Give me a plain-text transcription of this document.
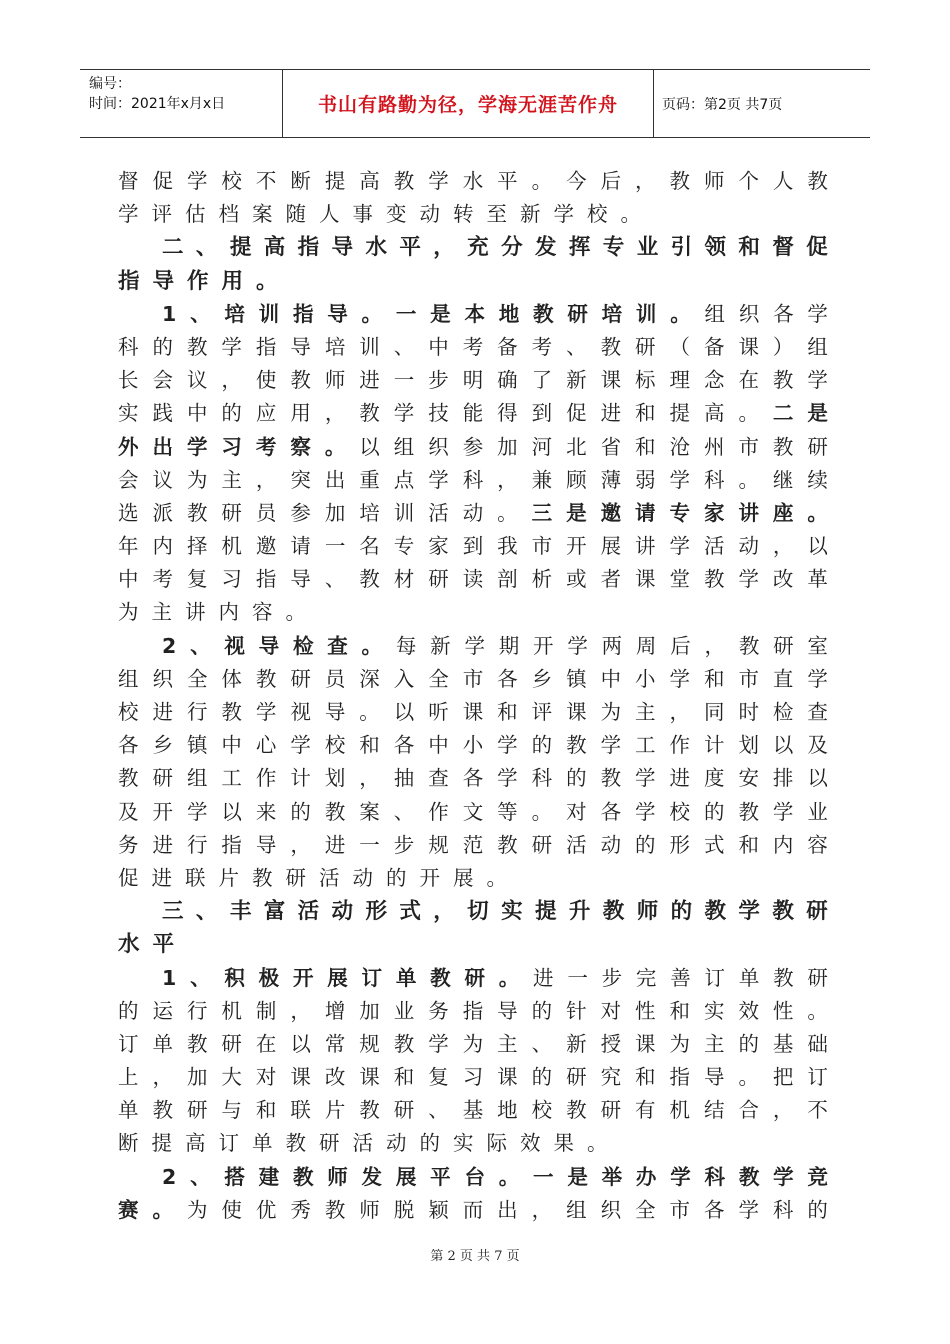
编号：
时间：2021年x月x日	书山有路勤为径，学海无涯苦作舟	页码：第2页 共7页
督 促 学 校 不 断 提 高 教 学 水 平 。 今 后 ， 教 师 个 人 教
学评估档案随人事变动转至新学校。
二 、 提 高 指 导 水 平 ， 充 分 发 挥 专 业 引 领 和 督 促
指导作用。
1 、 培 训 指 导 。 一 是 本 地 教 研 培 训 。 组 织 各 学
科 的 教 学 指 导 培 训 、 中 考 备 考 、 教 研 （ 备 课 ） 组
长 会 议 ， 使 教 师 进 一 步 明 确 了 新 课 标 理 念 在 教 学
实 践 中 的 应 用 ， 教 学 技 能 得 到 促 进 和 提 高 。 二 是
外 出 学 习 考 察 。 以 组 织 参 加 河 北 省 和 沧 州 市 教 研
会 议 为 主 ， 突 出 重 点 学 科 ， 兼 顾 薄 弱 学 科 。 继 续
选 派 教 研 员 参 加 培 训 活 动 。 三 是 邀 请 专 家 讲 座 。
年 内 择 机 邀 请 一 名 专 家 到 我 市 开 展 讲 学 活 动 ， 以
中 考 复 习 指 导 、 教 材 研 读 剖 析 或 者 课 堂 教 学 改 革
为主讲内容。
2 、 视 导 检 查 。 每 新 学 期 开 学 两 周 后 ， 教 研 室
组 织 全 体 教 研 员 深 入 全 市 各 乡 镇 中 小 学 和 市 直 学
校 进 行 教 学 视 导 。 以 听 课 和 评 课 为 主 ， 同 时 检 查
各 乡 镇 中 心 学 校 和 各 中 小 学 的 教 学 工 作 计 划 以 及
教 研 组 工 作 计 划 ， 抽 查 各 学 科 的 教 学 进 度 安 排 以
及 开 学 以 来 的 教 案 、 作 文 等 。 对 各 学 校 的 教 学 业
务 进 行 指 导 ， 进 一 步 规 范 教 研 活 动 的 形 式 和 内 容
促进联片教研活动的开展。
三 、 丰 富 活 动 形 式 ， 切 实 提 升 教 师 的 教 学 教 研
水平
1 、 积 极 开 展 订 单 教 研 。 进 一 步 完 善 订 单 教 研
的 运 行 机 制 ， 增 加 业 务 指 导 的 针 对 性 和 实 效 性 。
订 单 教 研 在 以 常 规 教 学 为 主 、 新 授 课 为 主 的 基 础
上 ， 加 大 对 课 改 课 和 复 习 课 的 研 究 和 指 导 。 把 订
单 教 研 与 和 联 片 教 研 、 基 地 校 教 研 有 机 结 合 ， 不
断提高订单教研活动的实际效果。
2 、 搭 建 教 师 发 展 平 台 。 一 是 举 办 学 科 教 学 竞
赛 。 为 使 优 秀 教 师 脱 颖 而 出 ， 组 织 全 市 各 学 科 的
第 2 页 共 7 页
